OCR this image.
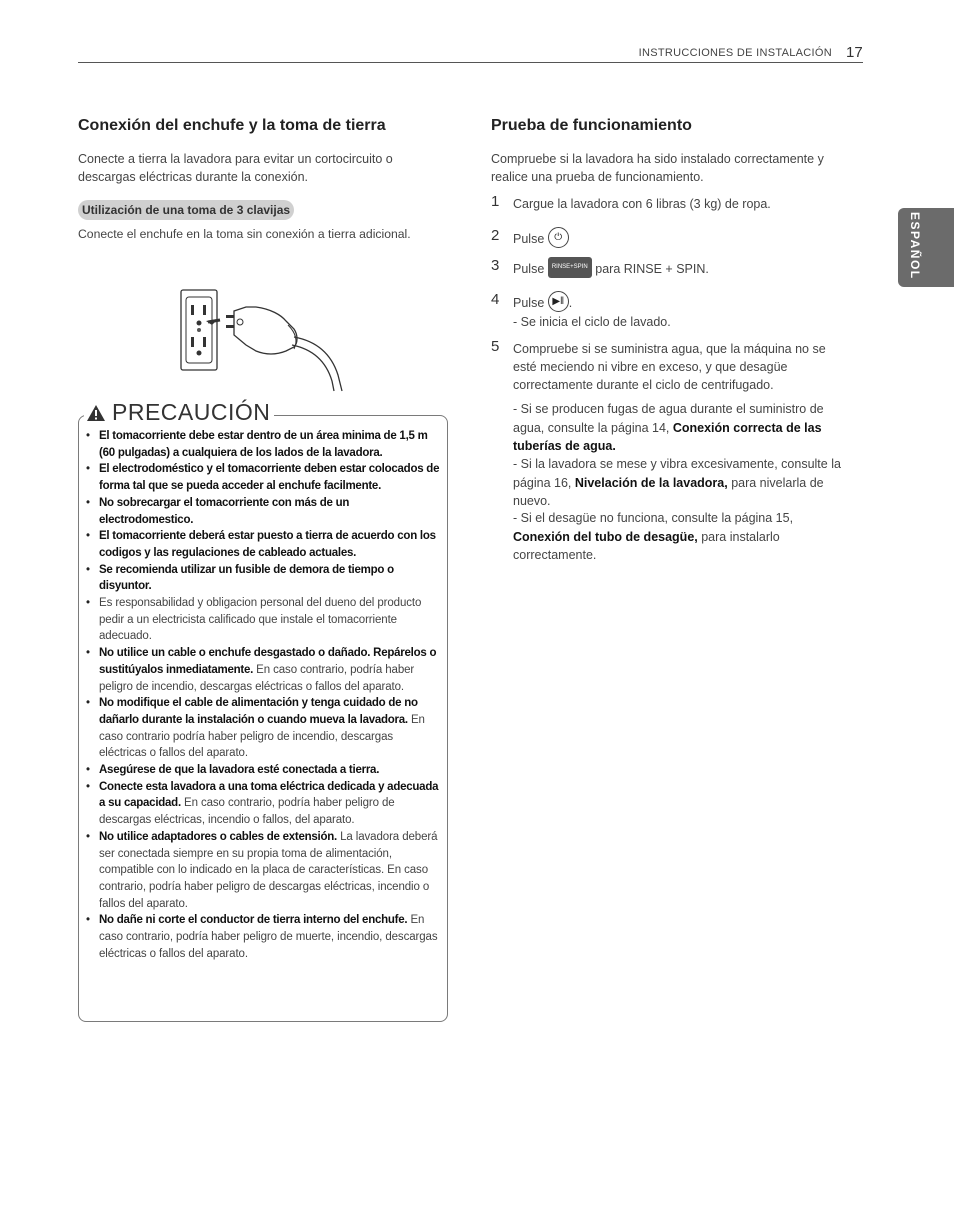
INSTRUCCIONES DE INSTALACIÓN 17
ESPAÑOL
Conexión del enchufe y la toma de tierra

Conecte a tierra la lavadora para evitar un cortocircuito o descargas eléctricas durante la conexión.

Utilización de una toma de 3 clavijas

Conecte el enchufe en la toma sin conexión a tierra adicional.

PRECAUCIÓN
• El tomacorriente debe estar dentro de un área minima de 1,5 m (60 pulgadas) a cualquiera de los lados de la lavadora.
• El electrodoméstico y el tomacorriente deben estar colocados de forma tal que se pueda acceder al enchufe facilmente.
• No sobrecargar el tomacorriente con más de un electrodomestico.
• El tomacorriente deberá estar puesto a tierra de acuerdo con los codigos y las regulaciones de cableado actuales.
• Se recomienda utilizar un fusible de demora de tiempo o disyuntor.
• Es responsabilidad y obligacion personal del dueno del producto pedir a un electricista calificado que instale el tomacorriente adecuado.
• No utilice un cable o enchufe desgastado o dañado. Repárelos o sustitúyalos inmediatamente. En caso contrario, podría haber peligro de incendio, descargas eléctricas o fallos del aparato.
• No modifique el cable de alimentación y tenga cuidado de no dañarlo durante la instalación o cuando mueva la lavadora. En caso contrario podría haber peligro de incendio, descargas eléctricas o fallos del aparato.
• Asegúrese de que la lavadora esté conectada a tierra.
• Conecte esta lavadora a una toma eléctrica dedicada y adecuada a su capacidad. En caso contrario, podría haber peligro de descargas eléctricas, incendio o fallos, del aparato.
• No utilice adaptadores o cables de extensión. La lavadora deberá ser conectada siempre en su propia toma de alimentación, compatible con lo indicado en la placa de características. En caso contrario, podría haber peligro de descargas eléctricas, incendio o fallos del aparato.
• No dañe ni corte el conductor de tierra interno del enchufe. En caso contrario, podría haber peligro de muerte, incendio, descargas eléctricas o fallos del aparato.
Prueba de funcionamiento

Compruebe si la lavadora ha sido instalado correctamente y realice una prueba de funcionamiento.

1 Cargue la lavadora con 6 libras (3 kg) de ropa.
2 Pulse ⏻
3 Pulse RINSE+SPIN para RINSE + SPIN.
4 Pulse ▶‖ .
- Se inicia el ciclo de lavado.
5 Compruebe si se suministra agua, que la máquina no se esté meciendo ni vibre en exceso, y que desagüe correctamente durante el ciclo de centrifugado.
- Si se producen fugas de agua durante el suministro de agua, consulte la página 14, Conexión correcta de las tuberías de agua.
- Si la lavadora se mese y vibra excesivamente, consulte la página 16, Nivelación de la lavadora, para nivelarla de nuevo.
- Si el desagüe no funciona, consulte la página 15, Conexión del tubo de desagüe, para instalarlo correctamente.
